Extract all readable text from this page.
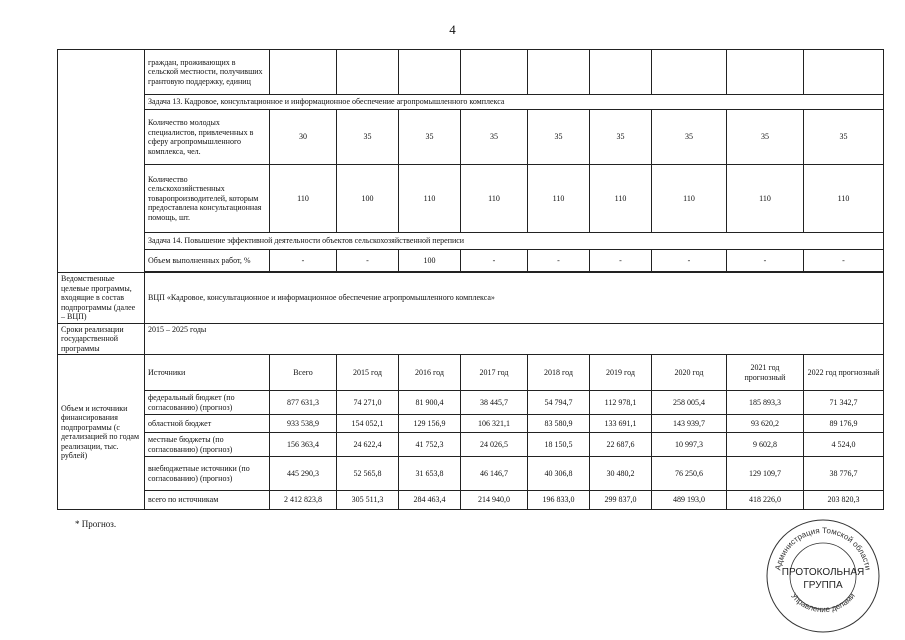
4
	граждан, проживающих в сельской местности, получивших грантовую поддержку, единиц									
	Задача 13. Кадровое, консультационное и информационное обеспечение агропромышленного комплекса									
	Количество молодых специалистов, привлеченных в сферу агропромышленного комплекса, чел.	30	35	35	35	35	35	35	35	35
	Количество сельскохозяйственных товаропроизводителей, которым предоставлена консультационная помощь, шт.	110	100	110	110	110	110	110	110	110
	Задача 14. Повышение эффективной деятельности объектов сельскохозяйственной переписи									
	Объем выполненных работ, %	-	-	100	-	-	-	-	-	-

Ведомственные целевые программы, входящие в состав подпрограммы (далее – ВЦП)	ВЦП «Кадровое, консультационное и информационное обеспечение агропромышленного комплекса»									
Сроки реализации государственной программы	2015 – 2025 годы									
Объем и источники финансирования подпрограммы (с детализацией по годам реализации, тыс. рублей)	Источники	Всего	2015 год	2016 год	2017 год	2018 год	2019 год	2020 год	2021 год прогнозный	2022 год прогнозный
	федеральный бюджет (по согласованию) (прогноз)	877 631,3	74 271,0	81 900,4	38 445,7	54 794,7	112 978,1	258 005,4	185 893,3	71 342,7
	областной бюджет	933 538,9	154 052,1	129 156,9	106 321,1	83 580,9	133 691,1	143 939,7	93 620,2	89 176,9
	местные бюджеты (по согласованию) (прогноз)	156 363,4	24 622,4	41 752,3	24 026,5	18 150,5	22 687,6	10 997,3	9 602,8	4 524,0
	внебюджетные источники (по согласованию) (прогноз)	445 290,3	52 565,8	31 653,8	46 146,7	40 306,8	30 480,2	76 250,6	129 109,7	38 776,7
	всего по источникам	2 412 823,8	305 511,3	284 463,4	214 940,0	196 833,0	299 837,0	489 193,0	418 226,0	203 820,3
* Прогноз.
Администрация Томской области
Управление делами
ПРОТОКОЛЬНАЯ
ГРУППА
